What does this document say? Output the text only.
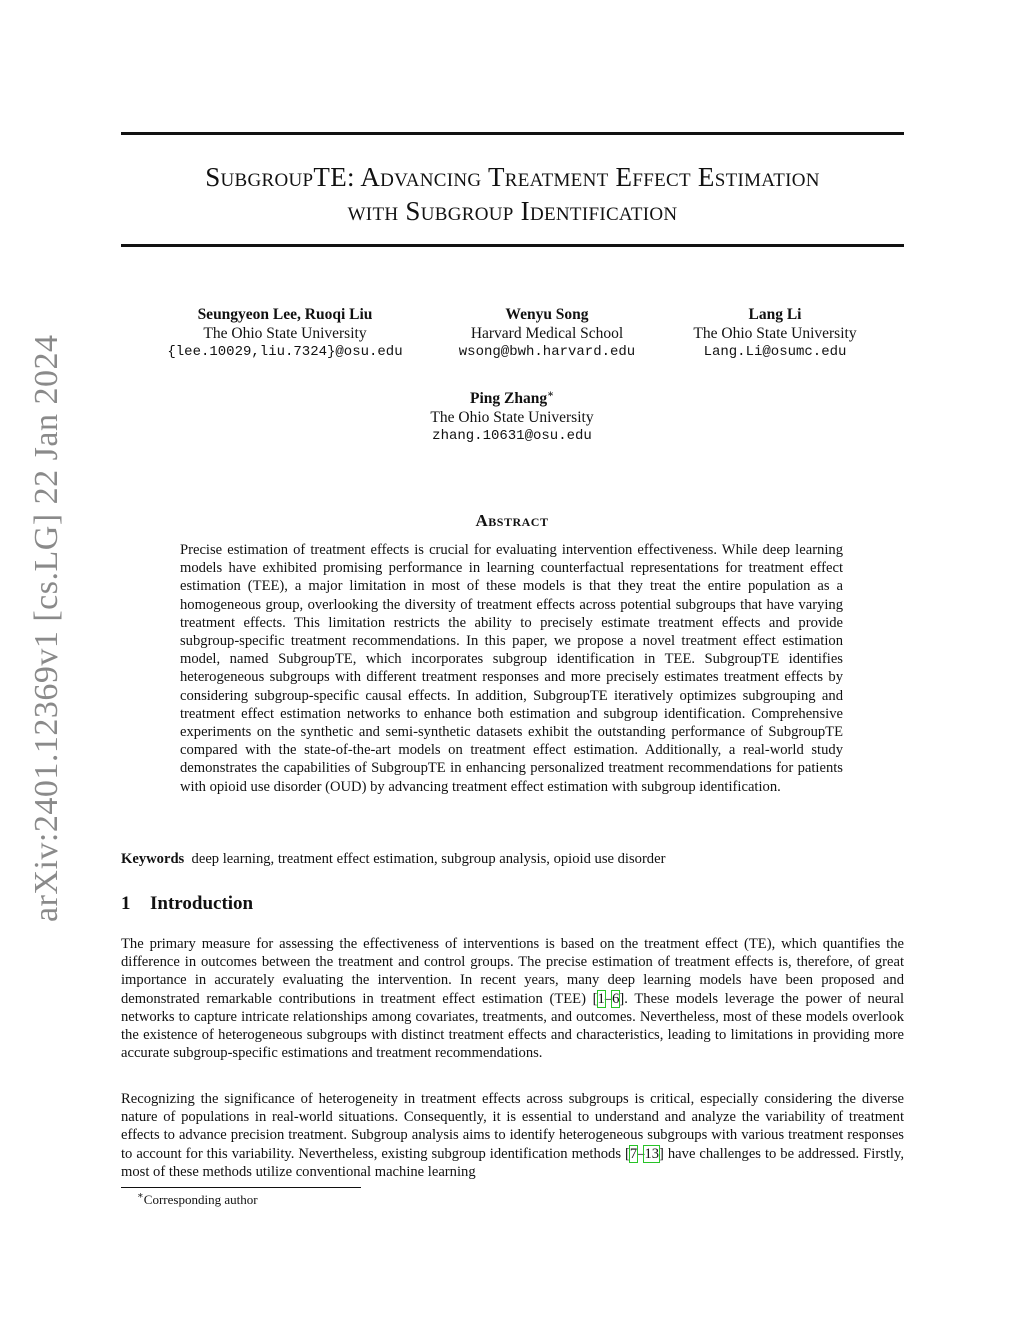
arXiv:2401.12369v1 [cs.LG] 22 Jan 2024
SubgroupTE: Advancing Treatment Effect Estimation
with Subgroup Identification
Seungyeon Lee, Ruoqi Liu
The Ohio State University
{lee.10029,liu.7324}@osu.edu
Wenyu Song
Harvard Medical School
wsong@bwh.harvard.edu
Lang Li
The Ohio State University
Lang.Li@osumc.edu
Ping Zhang∗
The Ohio State University
zhang.10631@osu.edu
Abstract
Precise estimation of treatment effects is crucial for evaluating intervention effectiveness. While deep learning models have exhibited promising performance in learning counterfactual representations for treatment effect estimation (TEE), a major limitation in most of these models is that they treat the entire population as a homogeneous group, overlooking the diversity of treatment effects across potential subgroups that have varying treatment effects. This limitation restricts the ability to precisely estimate treatment effects and provide subgroup-specific treatment recommendations. In this paper, we propose a novel treatment effect estimation model, named SubgroupTE, which incorporates subgroup identification in TEE. SubgroupTE identifies heterogeneous subgroups with different treatment responses and more precisely estimates treatment effects by considering subgroup-specific causal effects. In addition, SubgroupTE iteratively optimizes subgrouping and treatment effect estimation networks to enhance both estimation and subgroup identification. Comprehensive experiments on the synthetic and semi-synthetic datasets exhibit the outstanding performance of SubgroupTE compared with the state-of-the-art models on treatment effect estimation. Additionally, a real-world study demonstrates the capabilities of SubgroupTE in enhancing personalized treatment recommendations for patients with opioid use disorder (OUD) by advancing treatment effect estimation with subgroup identification.
Keywords deep learning, treatment effect estimation, subgroup analysis, opioid use disorder
1 Introduction
The primary measure for assessing the effectiveness of interventions is based on the treatment effect (TE), which quantifies the difference in outcomes between the treatment and control groups. The precise estimation of treatment effects is, therefore, of great importance in accurately evaluating the intervention. In recent years, many deep learning models have been proposed and demonstrated remarkable contributions in treatment effect estimation (TEE) [1–6]. These models leverage the power of neural networks to capture intricate relationships among covariates, treatments, and outcomes. Nevertheless, most of these models overlook the existence of heterogeneous subgroups with distinct treatment effects and characteristics, leading to limitations in providing more accurate subgroup-specific estimations and treatment recommendations.
Recognizing the significance of heterogeneity in treatment effects across subgroups is critical, especially considering the diverse nature of populations in real-world situations. Consequently, it is essential to understand and analyze the variability of treatment effects to advance precision treatment. Subgroup analysis aims to identify heterogeneous subgroups with various treatment responses to account for this variability. Nevertheless, existing subgroup identification methods [7–13] have challenges to be addressed. Firstly, most of these methods utilize conventional machine learning
∗Corresponding author
